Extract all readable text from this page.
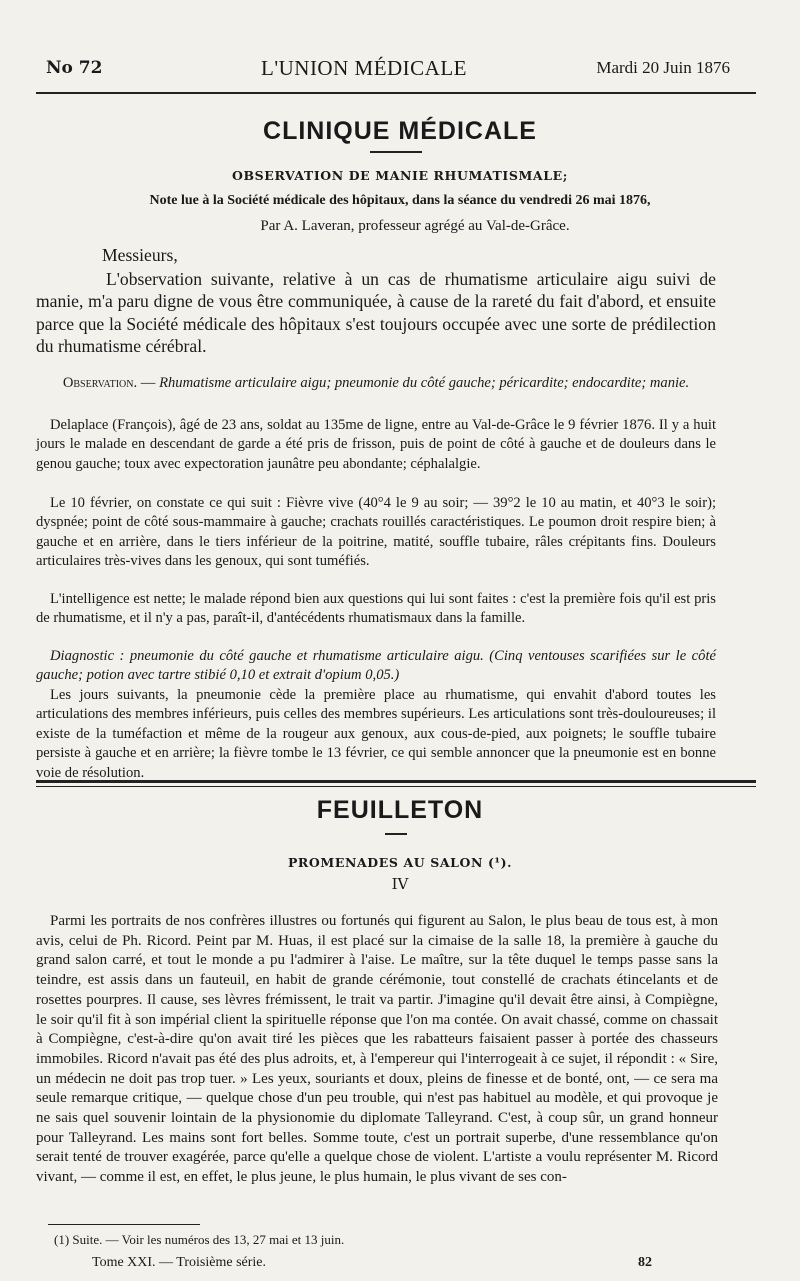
No 72	L'UNION MÉDICALE	Mardi 20 Juin 1876
CLINIQUE MÉDICALE
OBSERVATION DE MANIE RHUMATISMALE;
Note lue à la Société médicale des hôpitaux, dans la séance du vendredi 26 mai 1876,
Par A. Laveran, professeur agrégé au Val-de-Grâce.
Messieurs,
L'observation suivante, relative à un cas de rhumatisme articulaire aigu suivi de manie, m'a paru digne de vous être communiquée, à cause de la rareté du fait d'abord, et ensuite parce que la Société médicale des hôpitaux s'est toujours occupée avec une sorte de prédilection du rhumatisme cérébral.
Observation. — Rhumatisme articulaire aigu; pneumonie du côté gauche; péricardite; endocardite; manie.
Delaplace (François), âgé de 23 ans, soldat au 135me de ligne, entre au Val-de-Grâce le 9 février 1876. Il y a huit jours le malade en descendant de garde a été pris de frisson, puis de point de côté à gauche et de douleurs dans le genou gauche; toux avec expectoration jaunâtre peu abondante; céphalalgie.
Le 10 février, on constate ce qui suit : Fièvre vive (40°4 le 9 au soir; — 39°2 le 10 au matin, et 40°3 le soir); dyspnée; point de côté sous-mammaire à gauche; crachats rouillés caractéristiques. Le poumon droit respire bien; à gauche et en arrière, dans le tiers inférieur de la poitrine, matité, souffle tubaire, râles crépitants fins. Douleurs articulaires très-vives dans les genoux, qui sont tuméfiés.
L'intelligence est nette; le malade répond bien aux questions qui lui sont faites : c'est la première fois qu'il est pris de rhumatisme, et il n'y a pas, paraît-il, d'antécédents rhumatismaux dans la famille.
Diagnostic : pneumonie du côté gauche et rhumatisme articulaire aigu. (Cinq ventouses scarifiées sur le côté gauche; potion avec tartre stibié 0,10 et extrait d'opium 0,05.)
Les jours suivants, la pneumonie cède la première place au rhumatisme, qui envahit d'abord toutes les articulations des membres inférieurs, puis celles des membres supérieurs. Les articulations sont très-douloureuses; il existe de la tuméfaction et même de la rougeur aux genoux, aux cous-de-pied, aux poignets; le souffle tubaire persiste à gauche et en arrière; la fièvre tombe le 13 février, ce qui semble annoncer que la pneumonie est en bonne voie de résolution.
FEUILLETON
PROMENADES AU SALON (¹).
IV
Parmi les portraits de nos confrères illustres ou fortunés qui figurent au Salon, le plus beau de tous est, à mon avis, celui de Ph. Ricord. Peint par M. Huas, il est placé sur la cimaise de la salle 18, la première à gauche du grand salon carré, et tout le monde a pu l'admirer à l'aise. Le maître, sur la tête duquel le temps passe sans la teindre, est assis dans un fauteuil, en habit de grande cérémonie, tout constellé de crachats étincelants et de rosettes pourpres. Il cause, ses lèvres frémissent, le trait va partir. J'imagine qu'il devait être ainsi, à Compiègne, le soir qu'il fit à son impérial client la spirituelle réponse que l'on ma contée. On avait chassé, comme on chassait à Compiègne, c'est-à-dire qu'on avait tiré les pièces que les rabatteurs faisaient passer à portée des chasseurs immobiles. Ricord n'avait pas été des plus adroits, et, à l'empereur qui l'interrogeait à ce sujet, il répondit : « Sire, un médecin ne doit pas trop tuer. » Les yeux, souriants et doux, pleins de finesse et de bonté, ont, — ce sera ma seule remarque critique, — quelque chose d'un peu trouble, qui n'est pas habituel au modèle, et qui provoque je ne sais quel souvenir lointain de la physionomie du diplomate Talleyrand. C'est, à coup sûr, un grand honneur pour Talleyrand. Les mains sont fort belles. Somme toute, c'est un portrait superbe, d'une ressemblance qu'on serait tenté de trouver exagérée, parce qu'elle a quelque chose de violent. L'artiste a voulu représenter M. Ricord vivant, — comme il est, en effet, le plus jeune, le plus humain, le plus vivant de ses con-
(1) Suite. — Voir les numéros des 13, 27 mai et 13 juin.
Tome XXI. — Troisième série.	82
